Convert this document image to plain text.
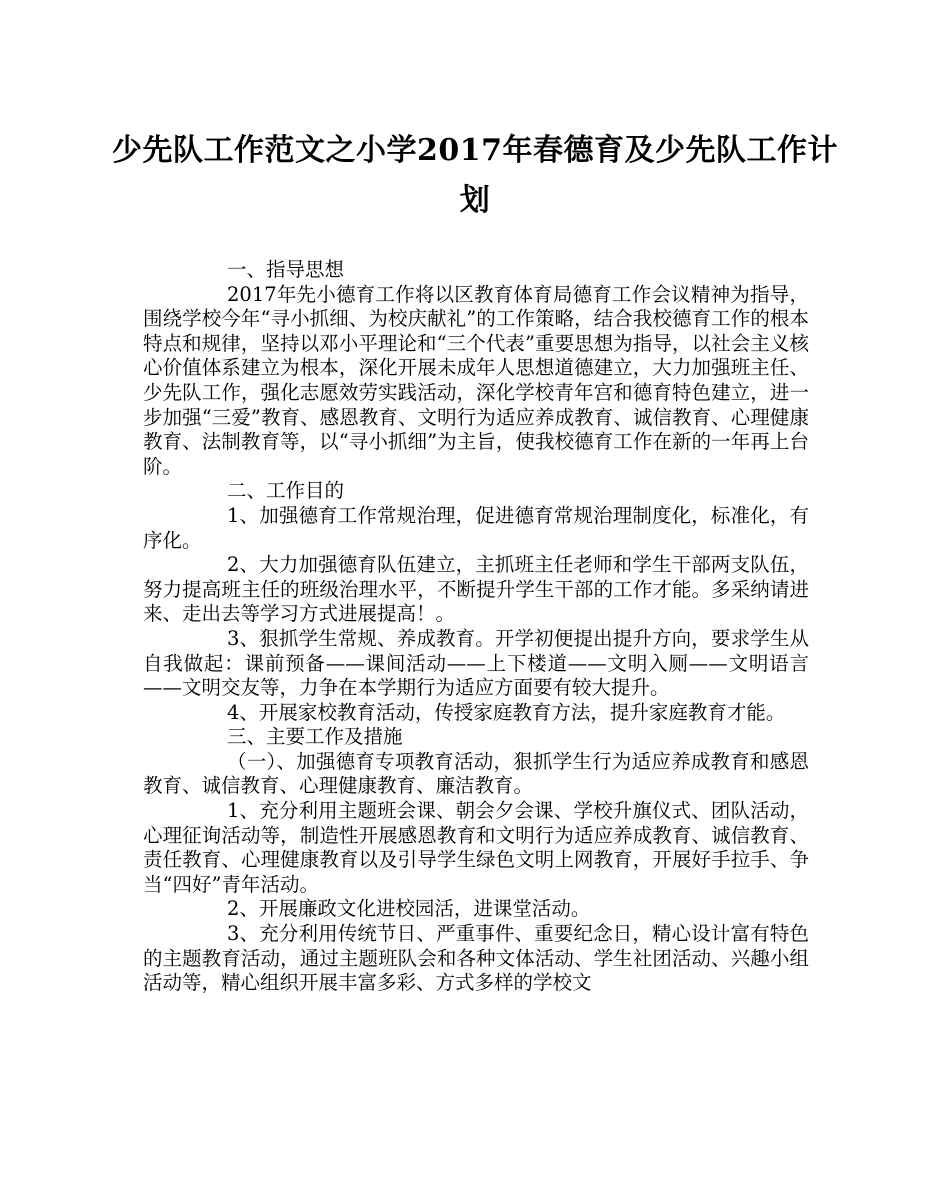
少先队工作范文之小学2017年春德育及少先队工作计
划

一、指导思想

2017年先小德育工作将以区教育体育局德育工作会议精神为指导，围绕学校今年“寻小抓细、为校庆献礼”的工作策略，结合我校德育工作的根本特点和规律，坚持以邓小平理论和“三个代表”重要思想为指导，以社会主义核心价值体系建立为根本，深化开展未成年人思想道德建立，大力加强班主任、少先队工作，强化志愿效劳实践活动，深化学校青年宫和德育特色建立，进一步加强“三爱”教育、感恩教育、文明行为适应养成教育、诚信教育、心理健康教育、法制教育等，以“寻小抓细”为主旨，使我校德育工作在新的一年再上台阶。

二、工作目的

1、加强德育工作常规治理，促进德育常规治理制度化，标准化，有序化。

2、大力加强德育队伍建立，主抓班主任老师和学生干部两支队伍，努力提高班主任的班级治理水平，不断提升学生干部的工作才能。多采纳请进来、走出去等学习方式进展提高！。

3、狠抓学生常规、养成教育。开学初便提出提升方向，要求学生从自我做起：课前预备——课间活动——上下楼道——文明入厕——文明语言——文明交友等，力争在本学期行为适应方面要有较大提升。

4、开展家校教育活动，传授家庭教育方法，提升家庭教育才能。

三、主要工作及措施

（一）、加强德育专项教育活动，狠抓学生行为适应养成教育和感恩教育、诚信教育、心理健康教育、廉洁教育。

1、充分利用主题班会课、朝会夕会课、学校升旗仪式、团队活动，心理征询活动等，制造性开展感恩教育和文明行为适应养成教育、诚信教育、责任教育、心理健康教育以及引导学生绿色文明上网教育，开展好手拉手、争当“四好”青年活动。

2、开展廉政文化进校园活，进课堂活动。

3、充分利用传统节日、严重事件、重要纪念日，精心设计富有特色的主题教育活动，通过主题班队会和各种文体活动、学生社团活动、兴趣小组活动等，精心组织开展丰富多彩、方式多样的学校文
